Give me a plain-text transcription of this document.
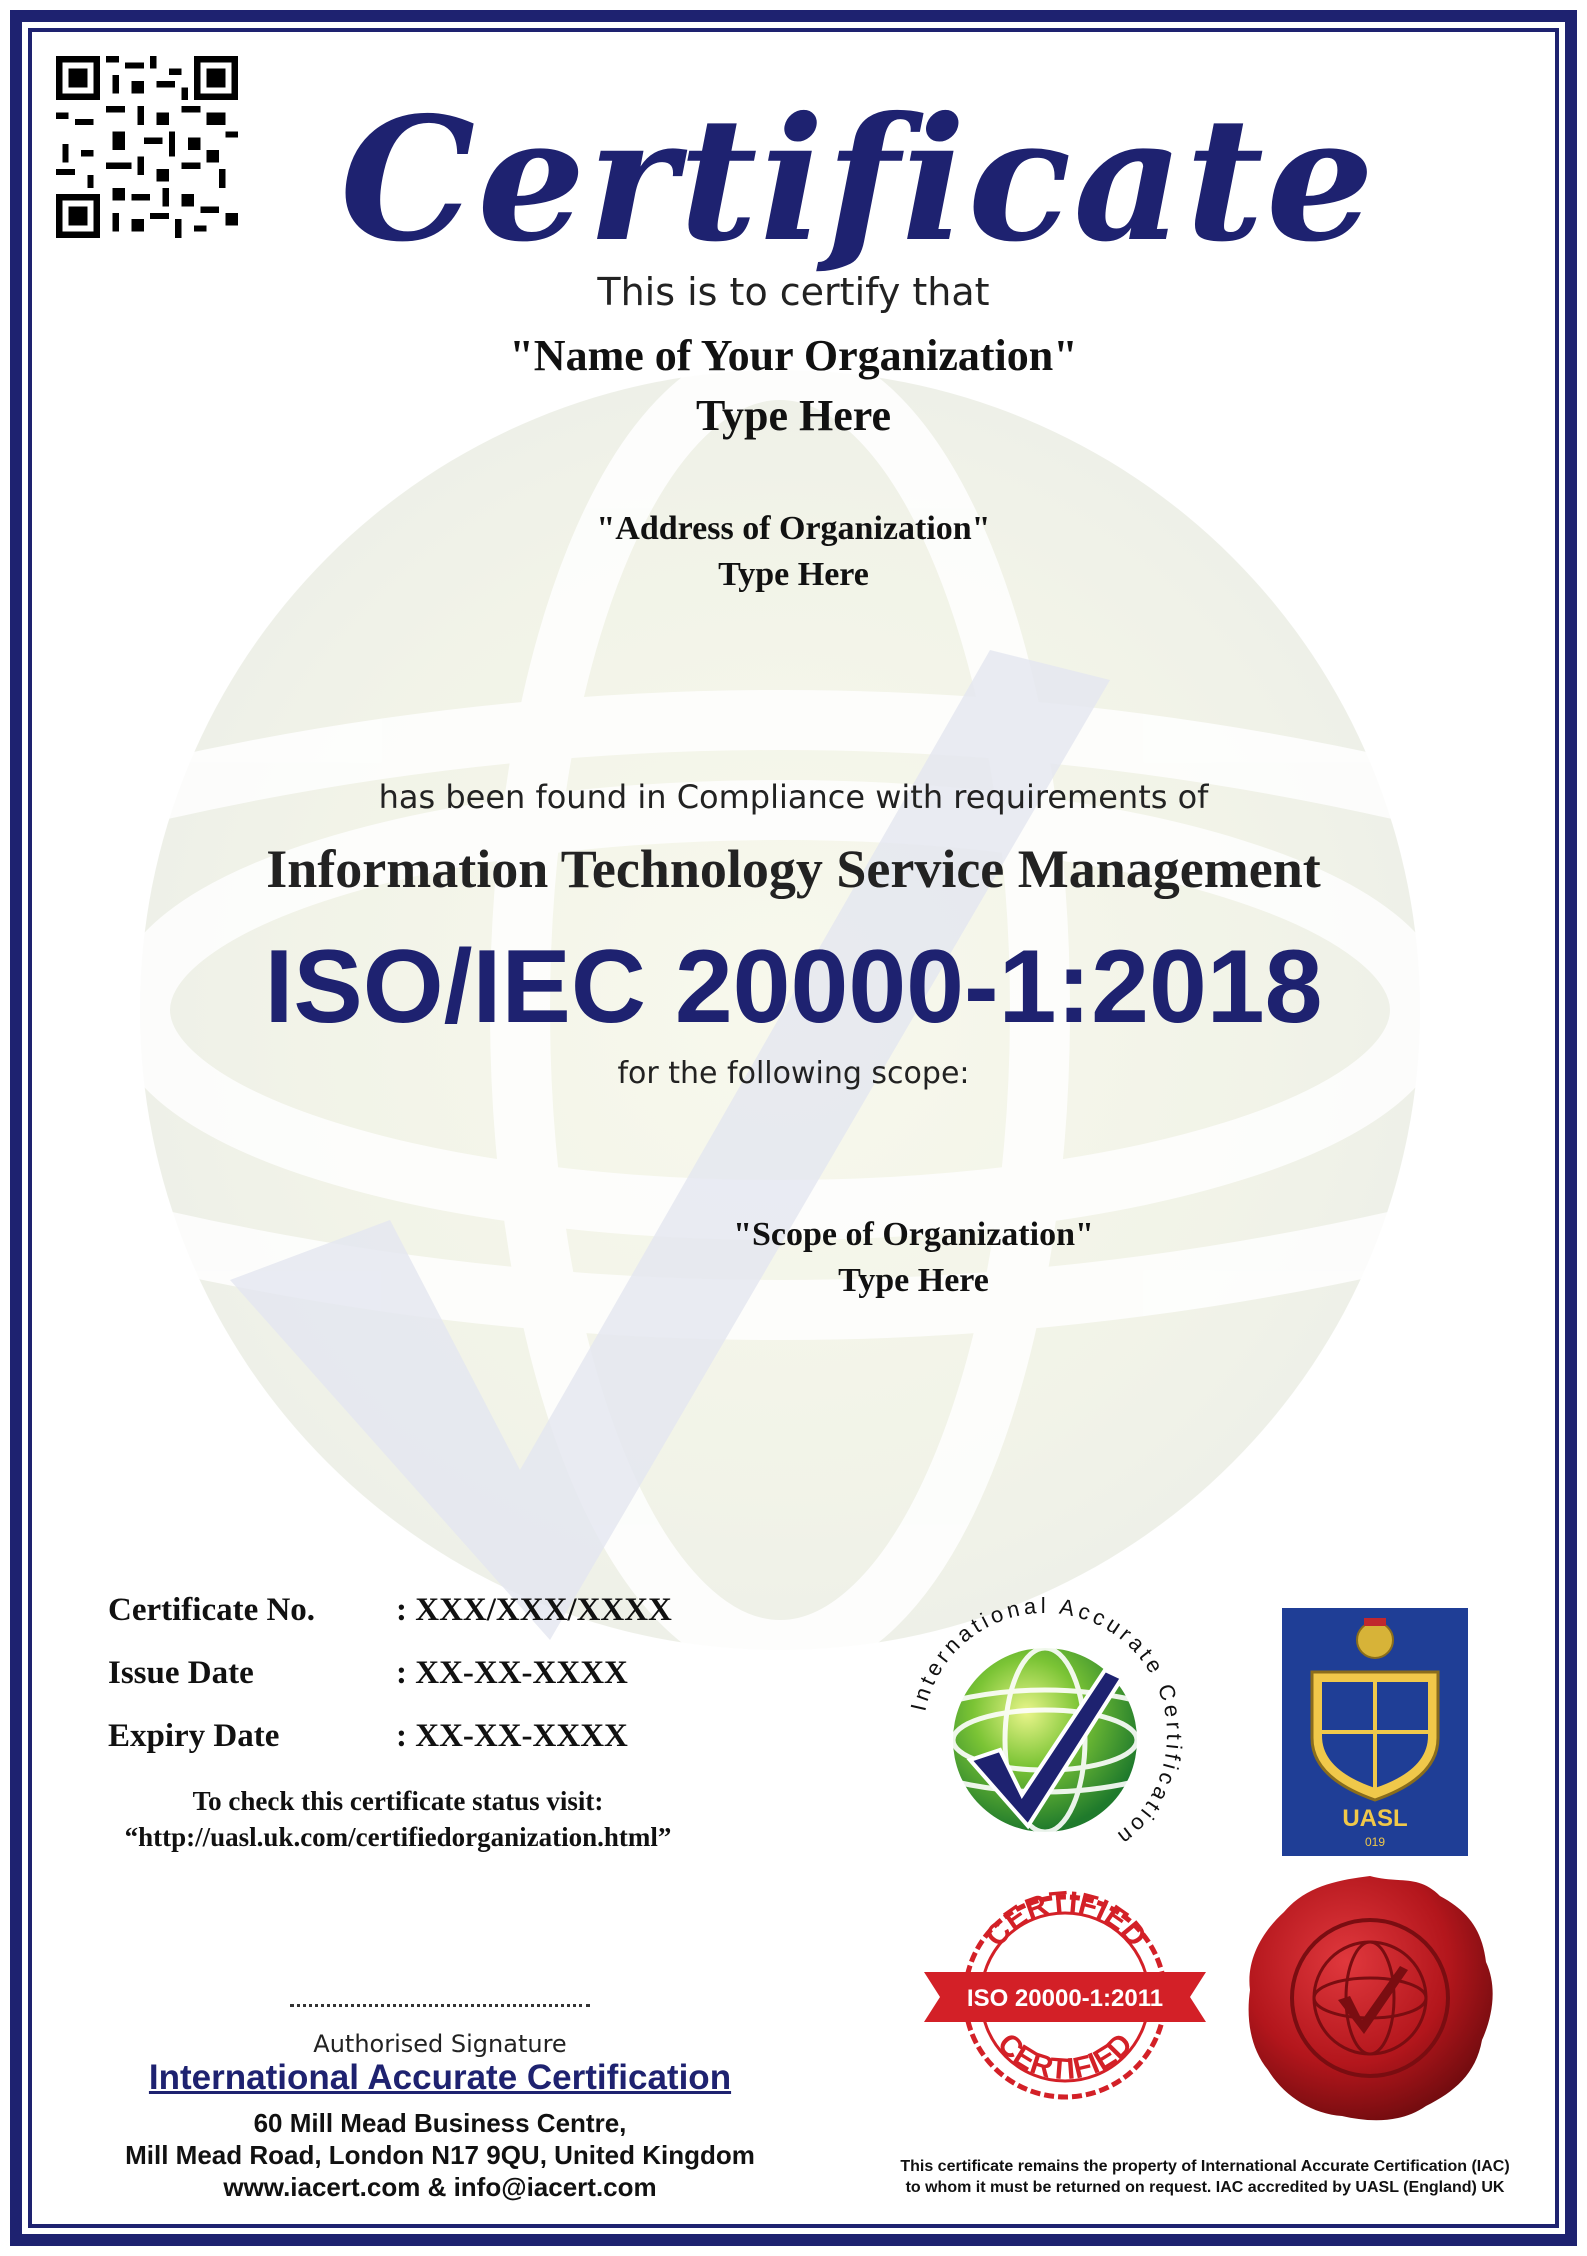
Certificate
This is to certify that
"Name of Your Organization"
Type Here
"Address of Organization"
Type Here
has been found in Compliance with requirements of
Information Technology Service Management
ISO/IEC 20000-1:2018
for the following scope:
"Scope of Organization"
Type Here
Certificate No. : XXX/XXX/XXXX
Issue Date	: XX-XX-XXXX
Expiry Date	: XX-XX-XXXX
To check this certificate status visit:
“http://uasl.uk.com/certifiedorganization.html”
International Accurate Certification
UASL
019
CERTIFIED
CERTIFIED
ISO 20000-1:2011
Authorised Signature
International Accurate Certification
60 Mill Mead Business Centre,
Mill Mead Road, London N17 9QU, United Kingdom
www.iacert.com & info@iacert.com
This certificate remains the property of International Accurate Certification (IAC)
to whom it must be returned on request. IAC accredited by UASL (England) UK
